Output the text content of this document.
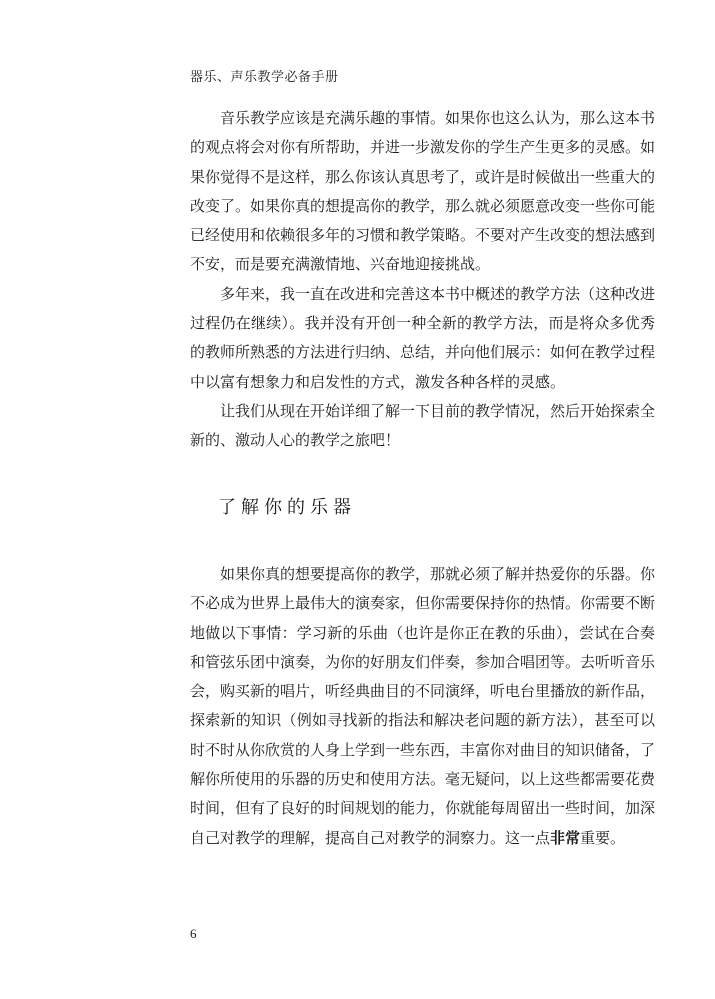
器乐、声乐教学必备手册

音乐教学应该是充满乐趣的事情。如果你也这么认为，那么这本书的观点将会对你有所帮助，并进一步激发你的学生产生更多的灵感。如果你觉得不是这样，那么你该认真思考了，或许是时候做出一些重大的改变了。如果你真的想提高你的教学，那么就必须愿意改变一些你可能已经使用和依赖很多年的习惯和教学策略。不要对产生改变的想法感到不安，而是要充满激情地、兴奋地迎接挑战。

多年来，我一直在改进和完善这本书中概述的教学方法（这种改进过程仍在继续）。我并没有开创一种全新的教学方法，而是将众多优秀的教师所熟悉的方法进行归纳、总结，并向他们展示：如何在教学过程中以富有想象力和启发性的方式，激发各种各样的灵感。

让我们从现在开始详细了解一下目前的教学情况，然后开始探索全新的、激动人心的教学之旅吧！

了解你的乐器

如果你真的想要提高你的教学，那就必须了解并热爱你的乐器。你不必成为世界上最伟大的演奏家，但你需要保持你的热情。你需要不断地做以下事情：学习新的乐曲（也许是你正在教的乐曲），尝试在合奏和管弦乐团中演奏，为你的好朋友们伴奏，参加合唱团等。去听听音乐会，购买新的唱片，听经典曲目的不同演绎，听电台里播放的新作品，探索新的知识（例如寻找新的指法和解决老问题的新方法），甚至可以时不时从你欣赏的人身上学到一些东西，丰富你对曲目的知识储备，了解你所使用的乐器的历史和使用方法。毫无疑问，以上这些都需要花费时间，但有了良好的时间规划的能力，你就能每周留出一些时间，加深自己对教学的理解，提高自己对教学的洞察力。这一点非常重要。

6
